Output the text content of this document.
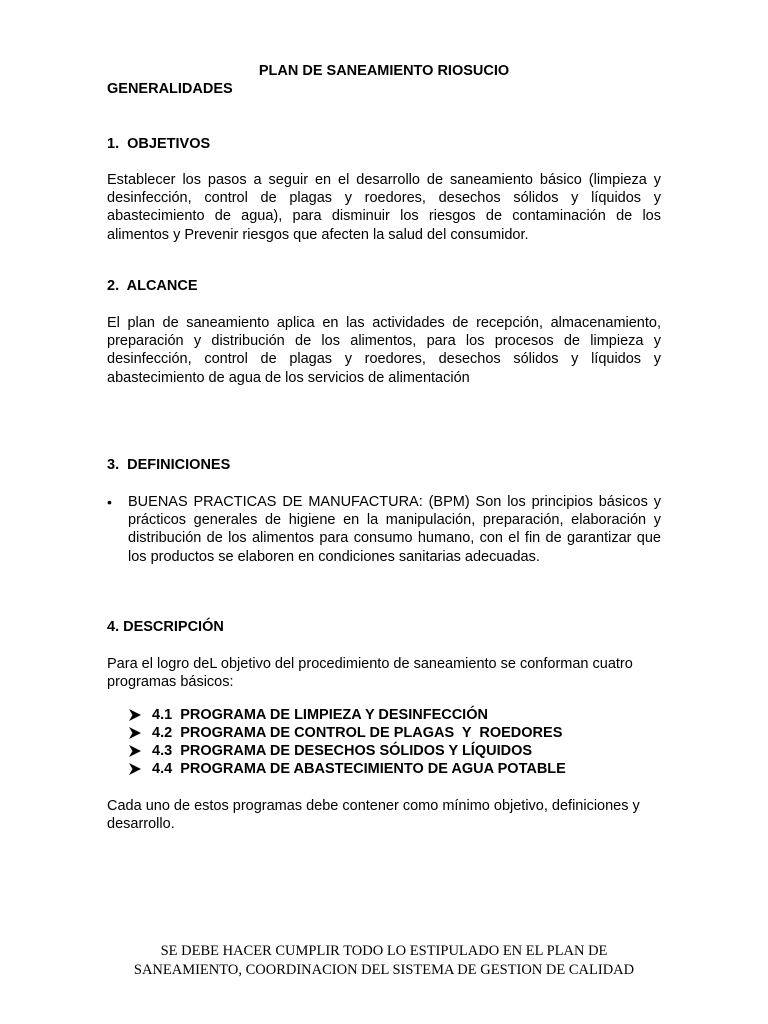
PLAN DE SANEAMIENTO RIOSUCIO
GENERALIDADES
1.  OBJETIVOS
Establecer los pasos a seguir en el desarrollo de saneamiento básico (limpieza y desinfección, control de plagas y roedores, desechos sólidos y líquidos y abastecimiento de agua), para disminuir los riesgos de contaminación de los alimentos y Prevenir riesgos que afecten la salud del consumidor.
2.  ALCANCE
El plan de saneamiento aplica en las actividades de recepción, almacenamiento, preparación y distribución de los alimentos, para los procesos de limpieza y desinfección, control de plagas y roedores, desechos sólidos y líquidos y abastecimiento de agua de los servicios de alimentación
3.  DEFINICIONES
• BUENAS PRACTICAS DE MANUFACTURA: (BPM) Son los principios básicos y prácticos generales de higiene en la manipulación, preparación, elaboración y distribución de los alimentos para consumo humano, con el fin de garantizar que los productos se elaboren en condiciones sanitarias adecuadas.
4. DESCRIPCIÓN
Para el logro deL objetivo del procedimiento de saneamiento se conforman cuatro programas básicos:

4.1  PROGRAMA DE LIMPIEZA Y DESINFECCIÓN

4.2  PROGRAMA DE CONTROL DE PLAGAS  Y  ROEDORES

4.3  PROGRAMA DE DESECHOS SÓLIDOS Y LÍQUIDOS

4.4  PROGRAMA DE ABASTECIMIENTO DE AGUA POTABLE

Cada uno de estos programas debe contener como mínimo objetivo, definiciones y desarrollo.
SE DEBE HACER CUMPLIR TODO LO ESTIPULADO EN EL PLAN DE
SANEAMIENTO, COORDINACION DEL SISTEMA DE GESTION DE CALIDAD
